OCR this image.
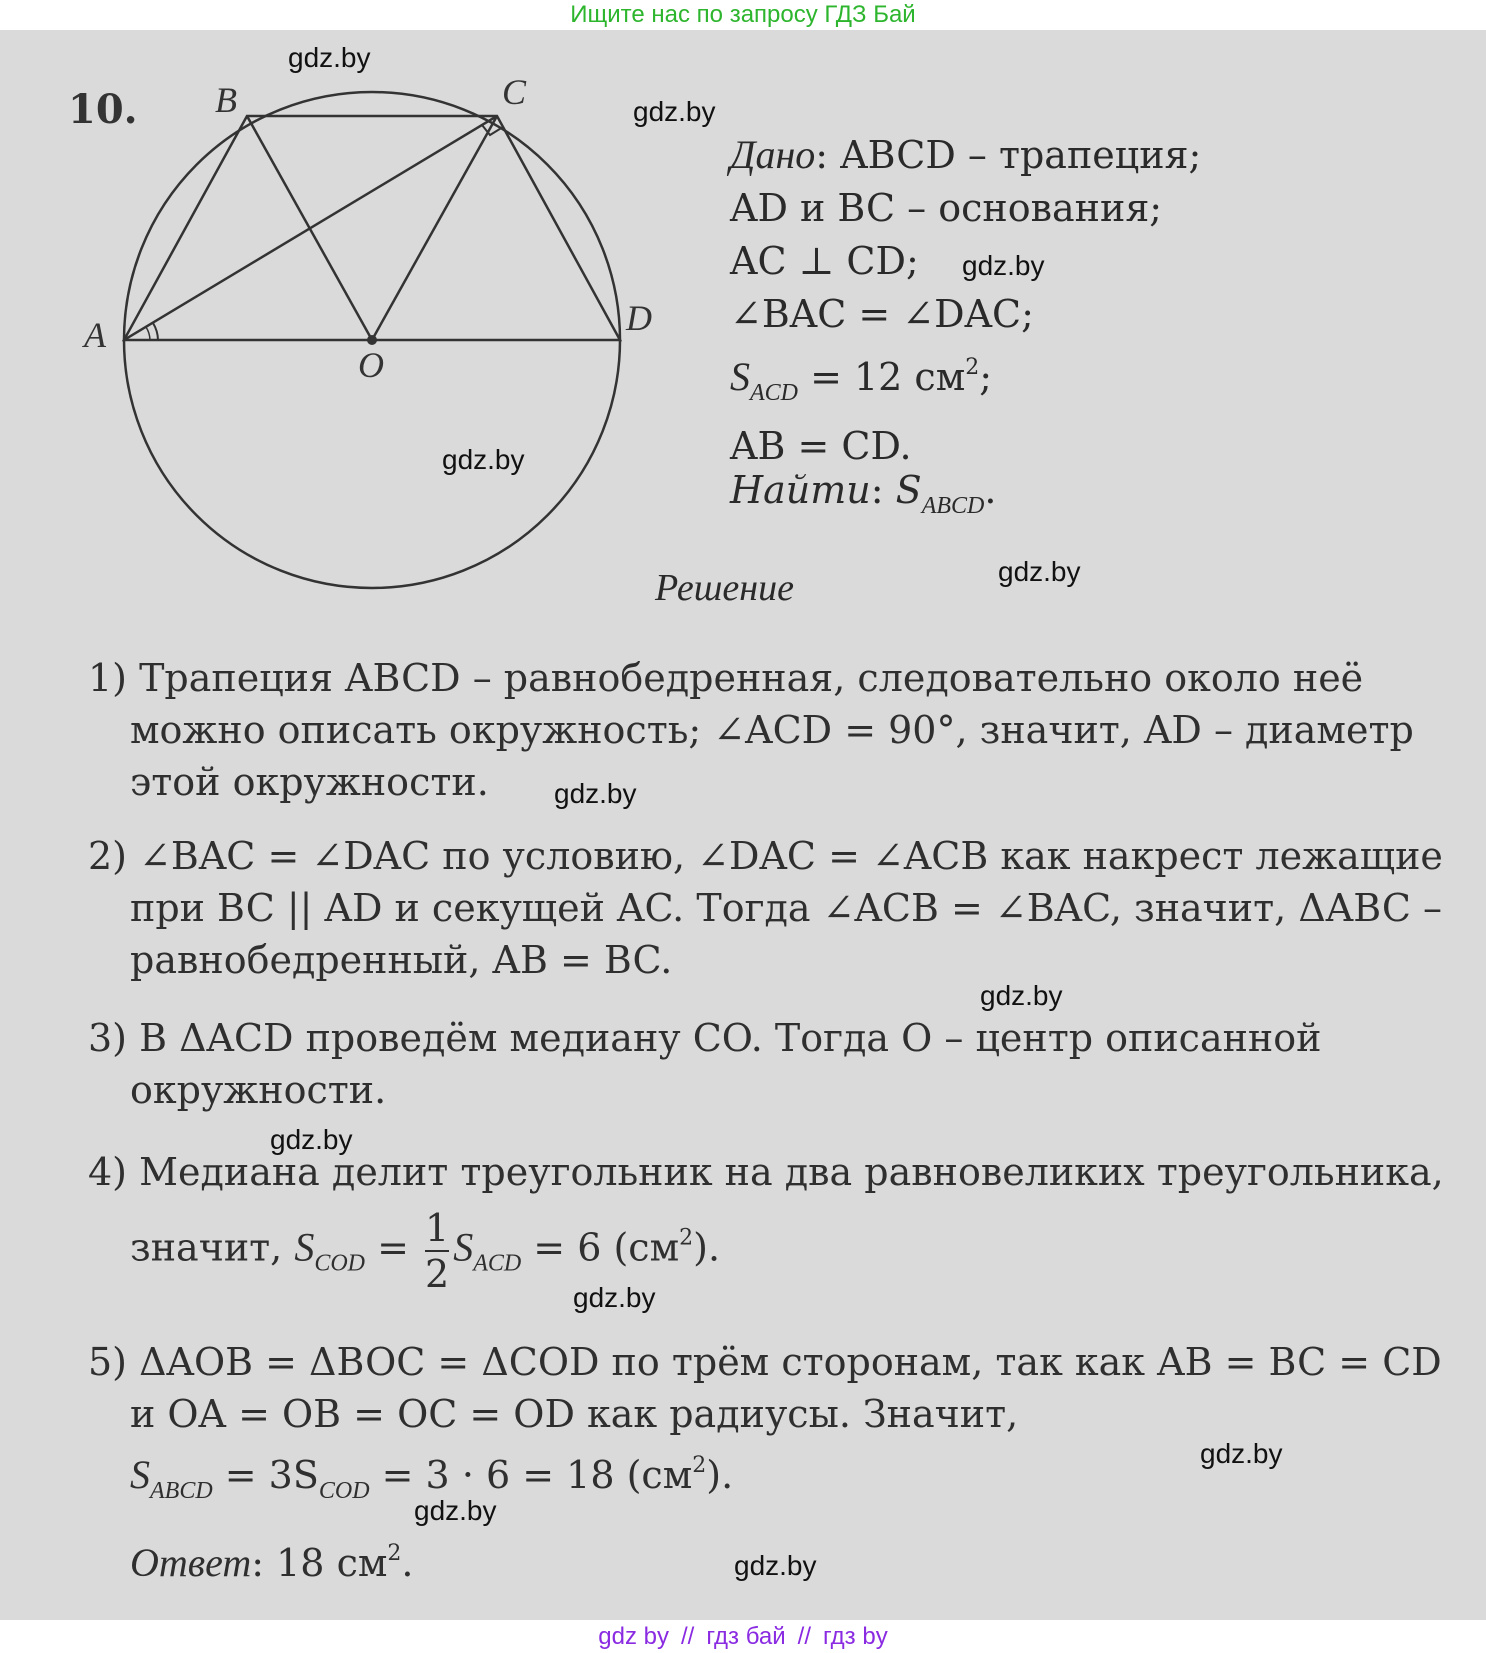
Ищите нас по запросу ГДЗ Бай
10.
A
B	C
D
O
Дано: ABCD – трапеция;
AD и BC – основания;
AC ⊥ CD;
∠BAC = ∠DAC;
$S_{ACD} = 12$ $см^2$;
AB = CD.
Найти: $S_{ABCD}$.
Решение
1) Трапеция ABCD – равнобедренная, следовательно около неё
можно описать окружность; ∠ACD = 90°, значит, AD – диаметр
этой окружности.
2) ∠BAC = ∠DAC по условию, ∠DAC = ∠ACB как накрест лежащие
при BC || AD и секущей AC. Тогда ∠ACB = ∠BAC, значит, ΔABC –
равнобедренный, AB = BC.
3) В ΔACD проведём медиану CO. Тогда O – центр описанной
окружности.
4) Медиана делит треугольник на два равновеликих треугольника,
значит, $S_{COD} = \frac{1}{2} S_{ACD} = 6$ $(см^2)$.
5) ΔAOB = ΔBOC = ΔCOD по трём сторонам, так как AB = BC = CD
и OA = OB = OC = OD как радиусы. Значит,
$S_{ABCD} = 3S_{COD} = 3 \cdot 6 = 18$ $(см^2)$.
Ответ: 18 $см^2$.
gdz.by
gdz.by
gdz.by
gdz.by
gdz.by
gdz.by
gdz.by
gdz.by
gdz.by
gdz.by
gdz.by
gdz.by
gdz by // гдз бай // гдз by
